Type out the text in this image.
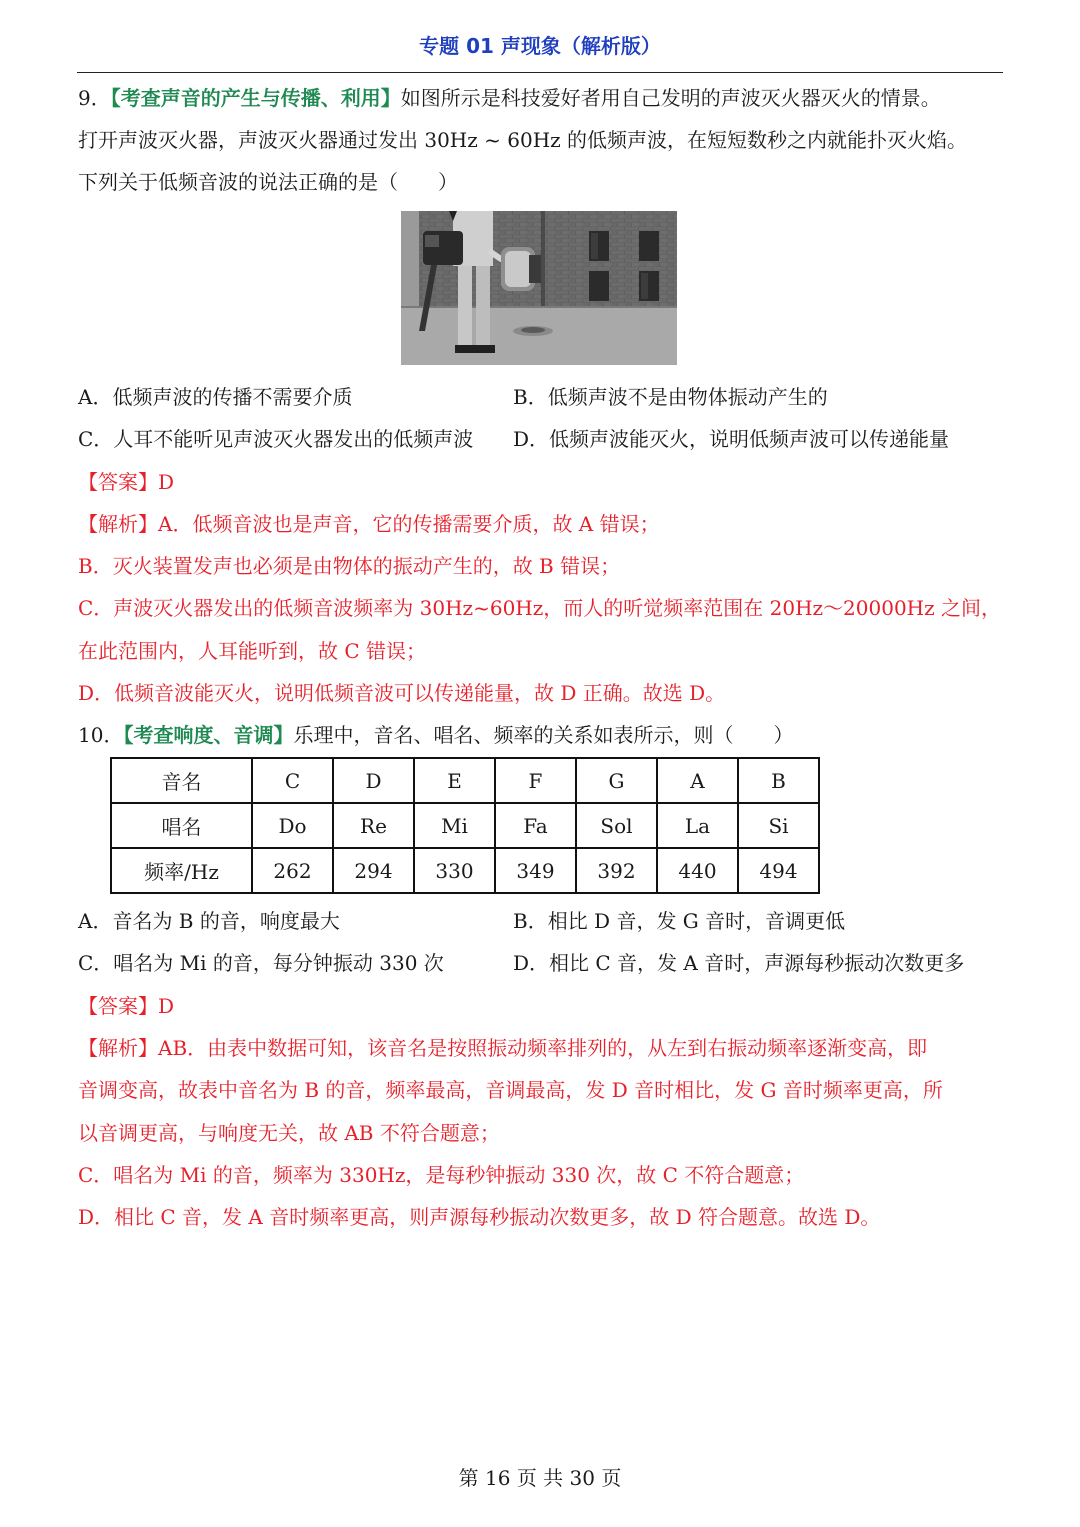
专题 01 声现象（解析版）
9．【考查声音的产生与传播、利用】如图所示是科技爱好者用自己发明的声波灭火器灭火的情景。
打开声波灭火器，声波灭火器通过发出 30Hz ~ 60Hz 的低频声波，在短短数秒之内就能扑灭火焰。
下列关于低频音波的说法正确的是（　　）
A．低频声波的传播不需要介质	B．低频声波不是由物体振动产生的
C．人耳不能听见声波灭火器发出的低频声波 D．低频声波能灭火，说明低频声波可以传递能量
【答案】D
【解析】A．低频音波也是声音，它的传播需要介质，故 A 错误；
B．灭火装置发声也必须是由物体的振动产生的，故 B 错误；
C．声波灭火器发出的低频音波频率为 30Hz~60Hz，而人的听觉频率范围在 20Hz～20000Hz 之间，
在此范围内，人耳能听到，故 C 错误；
D．低频音波能灭火，说明低频音波可以传递能量，故 D 正确。故选 D。
10．【考查响度、音调】乐理中，音名、唱名、频率的关系如表所示，则（　　）
音名	C	D	E	F	G	A	B
唱名	Do	Re	Mi	Fa	Sol	La	Si
频率/Hz	262	294	330	349	392	440	494
A．音名为 B 的音，响度最大	B．相比 D 音，发 G 音时，音调更低
C．唱名为 Mi 的音，每分钟振动 330 次	D．相比 C 音，发 A 音时，声源每秒振动次数更多
【答案】D
【解析】AB．由表中数据可知，该音名是按照振动频率排列的，从左到右振动频率逐渐变高，即
音调变高，故表中音名为 B 的音，频率最高，音调最高，发 D 音时相比，发 G 音时频率更高，所
以音调更高，与响度无关，故 AB 不符合题意；
C．唱名为 Mi 的音，频率为 330Hz，是每秒钟振动 330 次，故 C 不符合题意；
D．相比 C 音，发 A 音时频率更高，则声源每秒振动次数更多，故 D 符合题意。故选 D。
第 16 页 共 30 页
